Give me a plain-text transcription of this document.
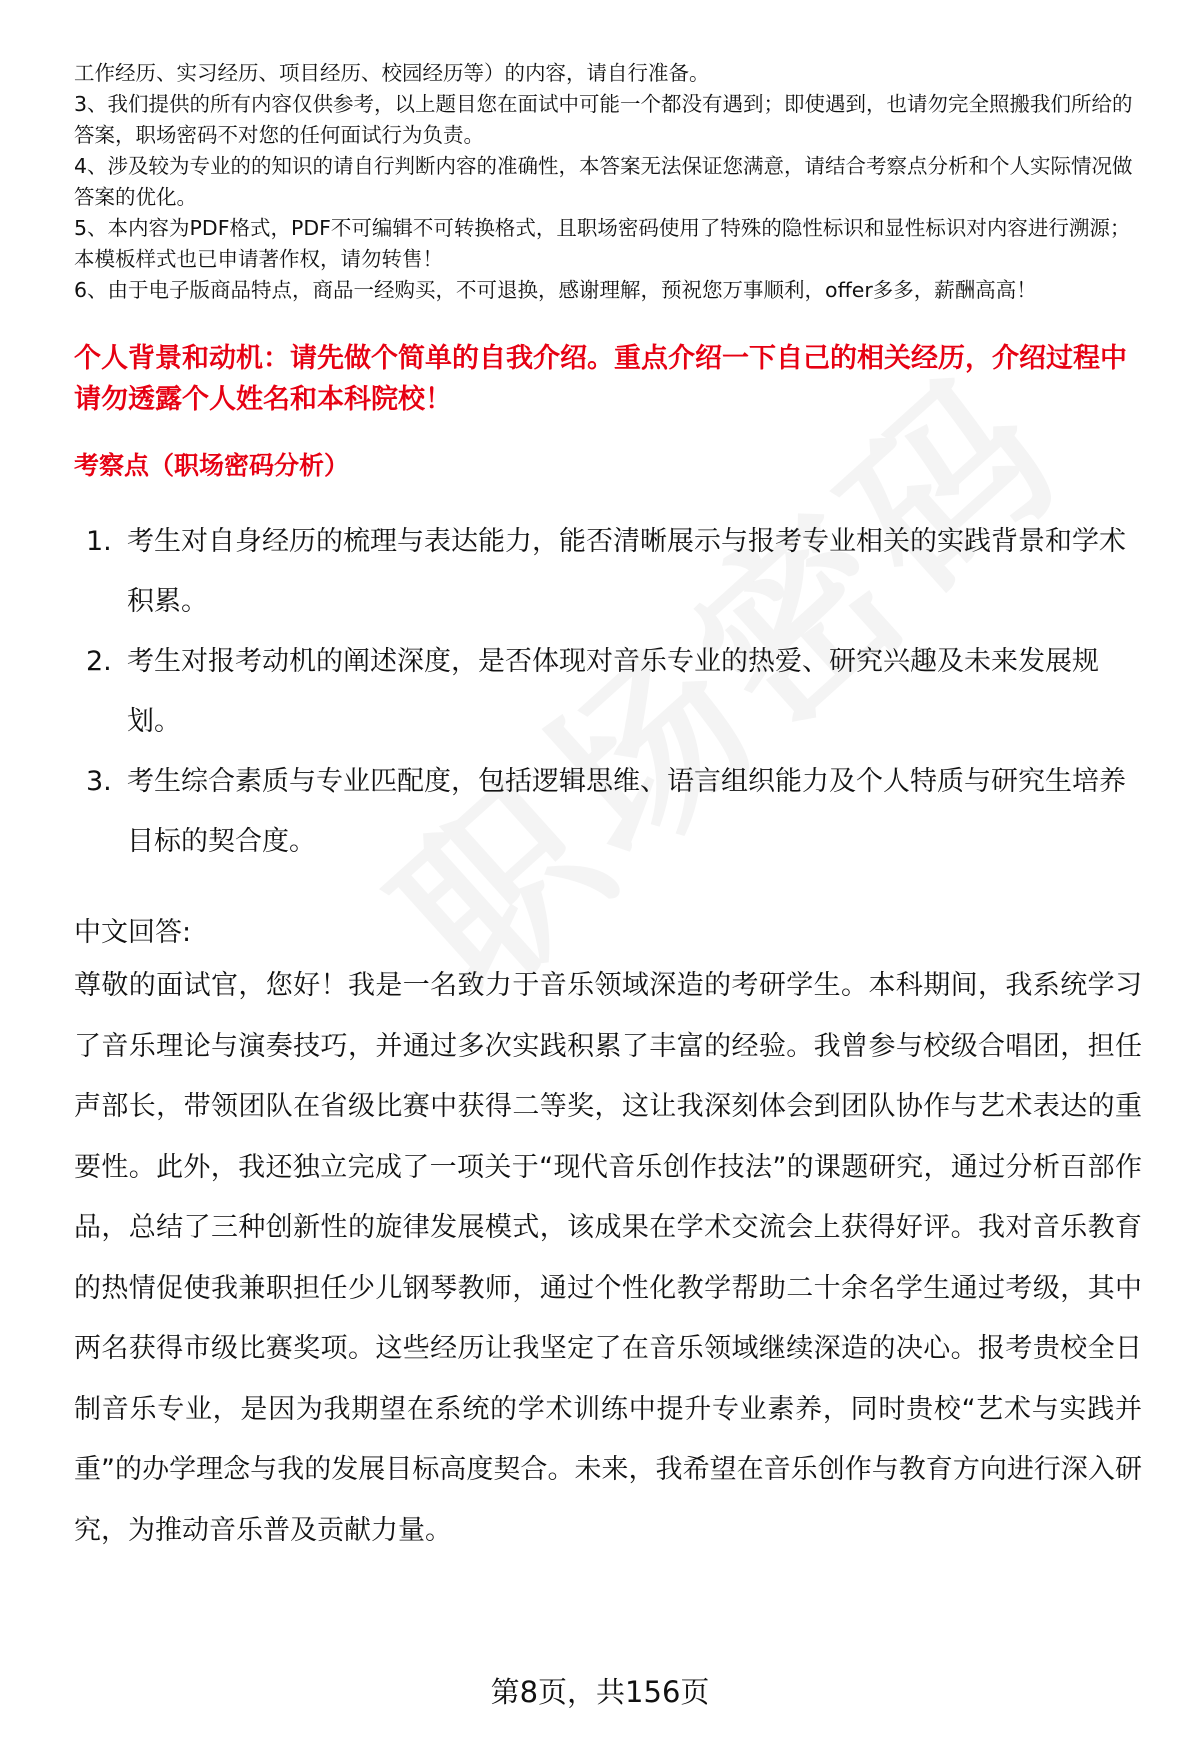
工作经历、实习经历、项目经历、校园经历等）的内容，请自行准备。

3、我们提供的所有内容仅供参考，以上题目您在面试中可能一个都没有遇到；即使遇到，也请勿完全照搬我们所给的答案，职场密码不对您的任何面试行为负责。

4、涉及较为专业的的知识的请自行判断内容的准确性，本答案无法保证您满意，请结合考察点分析和个人实际情况做答案的优化。

5、本内容为PDF格式，PDF不可编辑不可转换格式，且职场密码使用了特殊的隐性标识和显性标识对内容进行溯源；本模板样式也已申请著作权，请勿转售！

6、由于电子版商品特点，商品一经购买，不可退换，感谢理解，预祝您万事顺利，offer多多，薪酬高高！

个人背景和动机：请先做个简单的自我介绍。重点介绍一下自己的相关经历，介绍过程中请勿透露个人姓名和本科院校！
考察点（职场密码分析）
1. 考生对自身经历的梳理与表达能力，能否清晰展示与报考专业相关的实践背景和学术积累。
2. 考生对报考动机的阐述深度，是否体现对音乐专业的热爱、研究兴趣及未来发展规划。
3. 考生综合素质与专业匹配度，包括逻辑思维、语言组织能力及个人特质与研究生培养目标的契合度。
中文回答:
尊敬的面试官，您好！我是一名致力于音乐领域深造的考研学生。本科期间，我系统学习了音乐理论与演奏技巧，并通过多次实践积累了丰富的经验。我曾参与校级合唱团，担任声部长，带领团队在省级比赛中获得二等奖，这让我深刻体会到团队协作与艺术表达的重要性。此外，我还独立完成了一项关于“现代音乐创作技法”的课题研究，通过分析百部作品，总结了三种创新性的旋律发展模式，该成果在学术交流会上获得好评。我对音乐教育的热情促使我兼职担任少儿钢琴教师，通过个性化教学帮助二十余名学生通过考级，其中两名获得市级比赛奖项。这些经历让我坚定了在音乐领域继续深造的决心。报考贵校全日制音乐专业，是因为我期望在系统的学术训练中提升专业素养，同时贵校“艺术与实践并重”的办学理念与我的发展目标高度契合。未来，我希望在音乐创作与教育方向进行深入研究，为推动音乐普及贡献力量。
第8页，共156页
